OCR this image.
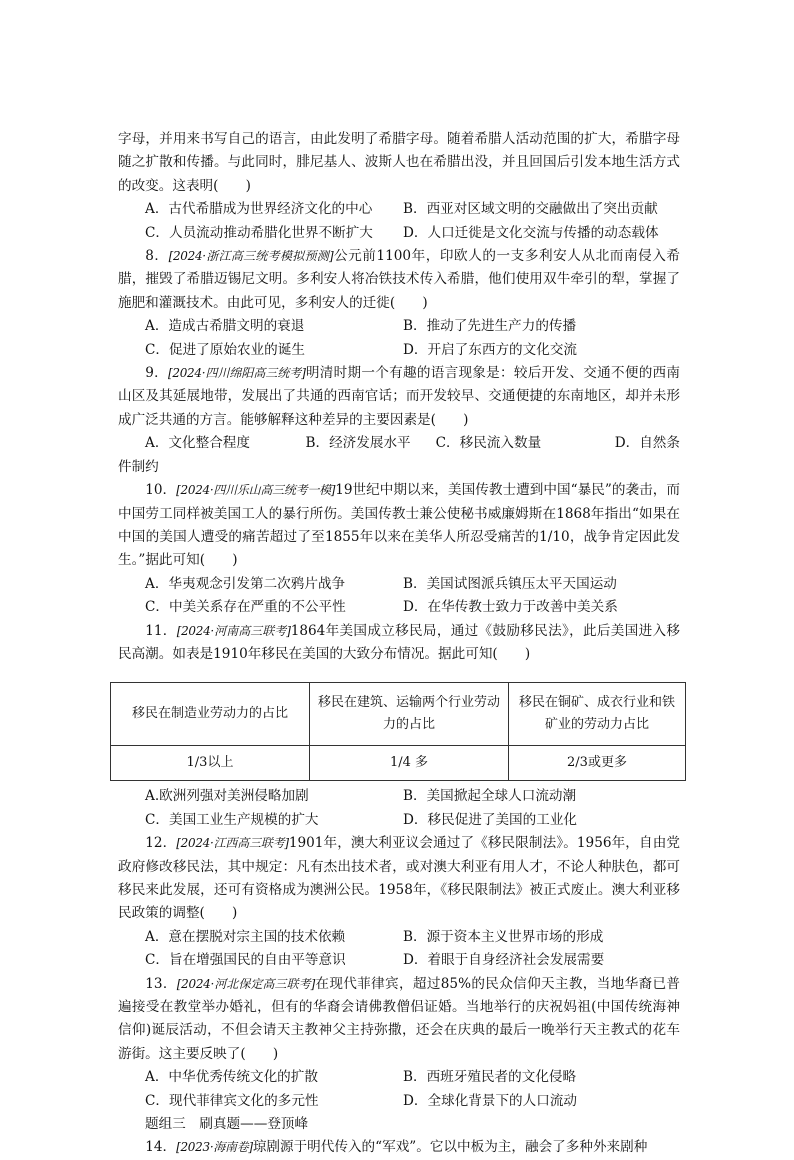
字母，并用来书写自己的语言，由此发明了希腊字母。随着希腊人活动范围的扩大，希腊字母随之扩散和传播。与此同时，腓尼基人、波斯人也在希腊出没，并且回国后引发本地生活方式的改变。这表明(　　)

A．古代希腊成为世界经济文化的中心	B．西亚对区域文明的交融做出了突出贡献
C．人员流动推动希腊化世界不断扩大	D．人口迁徙是文化交流与传播的动态载体

8．[2024·浙江高三统考模拟预测]公元前1100年，印欧人的一支多利安人从北而南侵入希腊，摧毁了希腊迈锡尼文明。多利安人将冶铁技术传入希腊，他们使用双牛牵引的犁，掌握了施肥和灌溉技术。由此可见，多利安人的迁徙(　　)

A．造成古希腊文明的衰退	B．推动了先进生产力的传播
C．促进了原始农业的诞生	D．开启了东西方的文化交流

9．[2024·四川绵阳高三统考]明清时期一个有趣的语言现象是：较后开发、交通不便的西南山区及其延展地带，发展出了共通的西南官话；而开发较早、交通便捷的东南地区，却并未形成广泛共通的方言。能够解释这种差异的主要因素是(　　)

A．文化整合程度	B．经济发展水平	C．移民流入数量	D．自然条

件制约

10．[2024·四川乐山高三统考一模]19世纪中期以来，美国传教士遭到中国“暴民”的袭击，而中国劳工同样被美国工人的暴行所伤。美国传教士兼公使秘书威廉姆斯在1868年指出“如果在中国的美国人遭受的痛苦超过了至1855年以来在美华人所忍受痛苦的1/10，战争肯定因此发生。”据此可知(　　)

A．华夷观念引发第二次鸦片战争	B．美国试图派兵镇压太平天国运动
C．中美关系存在严重的不公平性	D．在华传教士致力于改善中美关系

11．[2024·河南高三联考]1864年美国成立移民局，通过《鼓励移民法》，此后美国进入移民高潮。如表是1910年移民在美国的大致分布情况。据此可知(　　)

移民在制造业劳动力的占比	移民在建筑、运输两个行业劳动力的占比	移民在铜矿、成衣行业和铁矿业的劳动力占比
1/3以上	1/4 多	2/3或更多
A.欧洲列强对美洲侵略加剧	B．美国掀起全球人口流动潮
C．美国工业生产规模的扩大	D．移民促进了美国的工业化

12．[2024·江西高三联考]1901年，澳大利亚议会通过了《移民限制法》。1956年，自由党政府修改移民法，其中规定：凡有杰出技术者，或对澳大利亚有用人才，不论人种肤色，都可移民来此发展，还可有资格成为澳洲公民。1958年，《移民限制法》被正式废止。澳大利亚移民政策的调整(　　)

A．意在摆脱对宗主国的技术依赖	B．源于资本主义世界市场的形成
C．旨在增强国民的自由平等意识	D．着眼于自身经济社会发展需要

13．[2024·河北保定高三联考]在现代菲律宾，超过85%的民众信仰天主教，当地华裔已普遍接受在教堂举办婚礼，但有的华裔会请佛教僧侣证婚。当地举行的庆祝妈祖(中国传统海神信仰)诞辰活动，不但会请天主教神父主持弥撒，还会在庆典的最后一晚举行天主教式的花车游街。这主要反映了(　　)

A．中华优秀传统文化的扩散	B．西班牙殖民者的文化侵略
C．现代菲律宾文化的多元性	D．全球化背景下的人口流动

题组三　刷真题——登顶峰

14．[2023·海南卷]琼剧源于明代传入的“军戏”。它以中板为主，融会了多种外来剧种
